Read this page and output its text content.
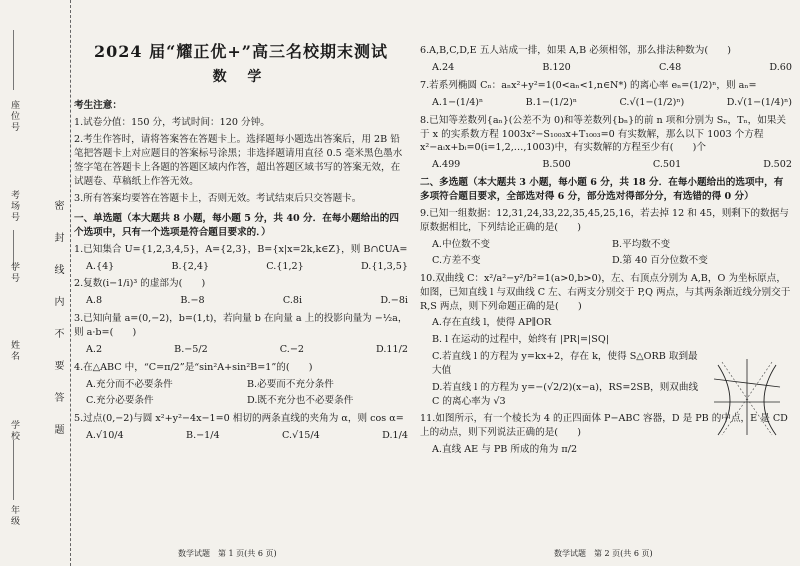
座位号
考场号
学号
姓名
学校
年级
密封线内不要答题
2024 届“耀正优+”高三名校期末测试
数 学

考生注意：

1.试卷分值：150 分，考试时间：120 分钟。

2.考生作答时，请将答案答在答题卡上。选择题每小题选出答案后，用 2B 铅笔把答题卡上对应题目的答案标号涂黑；非选择题请用直径 0.5 毫米黑色墨水签字笔在答题卡上各题的答题区域内作答，超出答题区域书写的答案无效，在试题卷、草稿纸上作答无效。

3.所有答案均要答在答题卡上，否则无效。考试结束后只交答题卡。

一、单选题（本大题共 8 小题，每小题 5 分，共 40 分．在每小题给出的四个选项中，只有一个选项是符合题目要求的．）

1.已知集合 U={1,2,3,4,5}，A={2,3}，B={x|x=2k,k∈Z}，则 B∩∁UA=

A.{4}	B.{2,4}	C.{1,2}	D.{1,3,5}

2.复数(i−1/i)³ 的虚部为(　　)

A.8	B.−8	C.8i	D.−8i

3.已知向量 a=(0,−2)，b=(1,t)，若向量 b 在向量 a 上的投影向量为 −½a，则 a·b=(　　)

A.2	B.−5/2	C.−2	D.11/2

4.在△ABC 中，“C=π/2”是“sin²A+sin²B=1”的(　　)

A.充分而不必要条件	B.必要而不充分条件
C.充分必要条件	D.既不充分也不必要条件

5.过点(0,−2)与圆 x²+y²−4x−1=0 相切的两条直线的夹角为 α，则 cos α=

A.√10/4	B.−1/4	C.√15/4	D.1/4
数学试题　第 1 页(共 6 页)

6.A,B,C,D,E 五人站成一排，如果 A,B 必须相邻，那么排法种数为(　　)

A.24	B.120	C.48	D.60

7.若系列椭圆 Cₙ：aₙx²+y²=1(0<aₙ<1,n∈N*) 的离心率 eₙ=(1/2)ⁿ，则 aₙ=

A.1−(1/4)ⁿ	B.1−(1/2)ⁿ	C.√(1−(1/2)ⁿ)	D.√(1−(1/4)ⁿ)

8.已知等差数列{aₙ}(公差不为 0)和等差数列{bₙ}的前 n 项和分别为 Sₙ，Tₙ，如果关于 x 的实系数方程 1003x²−S₁₀₀₃x+T₁₀₀₃=0 有实数解，那么以下 1003 个方程 x²−aᵢx+bᵢ=0(i=1,2,…,1003)中，有实数解的方程至少有(　　)个

A.499	B.500	C.501	D.502

二、多选题（本大题共 3 小题，每小题 6 分，共 18 分．在每小题给出的选项中，有多项符合题目要求，全部选对得 6 分，部分选对得部分分，有选错的得 0 分）

9.已知一组数据：12,31,24,33,22,35,45,25,16，若去掉 12 和 45，则剩下的数据与原数据相比，下列结论正确的是(　　)

A.中位数不变	B.平均数不变
C.方差不变	D.第 40 百分位数不变

10.双曲线 C：x²/a²−y²/b²=1(a>0,b>0)，左、右顶点分别为 A,B，O 为坐标原点，如图，已知直线 l 与双曲线 C 左、右两支分别交于 P,Q 两点，与其两条渐近线分别交于 R,S 两点，则下列命题正确的是(　　)

A.存在直线 l，使得 AP∥OR

B. l 在运动的过程中，始终有 |PR|=|SQ|

C.若直线 l 的方程为 y=kx+2，存在 k，使得 S△ORB 取到最大值

D.若直线 l 的方程为 y=−(√2/2)(x−a)，RS=2SB，则双曲线 C 的离心率为 √3

11.如图所示，有一个棱长为 4 的正四面体 P−ABC 容器，D 是 PB 的中点，E 是 CD 上的动点，则下列说法正确的是(　　)

A.直线 AE 与 PB 所成的角为 π/2

数学试题　第 2 页(共 6 页)
